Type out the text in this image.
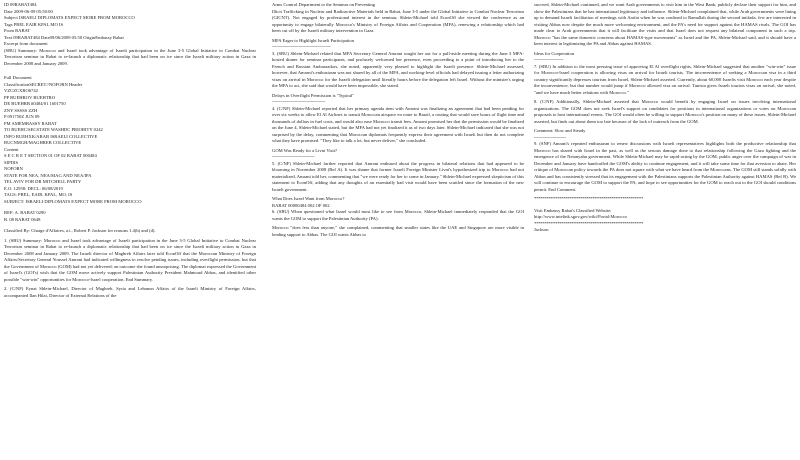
ID 09RABAT484
Date 2009-06-09 05:50:00
Subject ISRAELI DIPLOMATS EXPECT MORE FROM MOROCCO
Tags PREL EAIR KPAL MO IS
From RABAT
Text 09RABAT484 Date09/06/2009 05:50 OriginEmbassy Rabat
Excerpt from document
(SBU) Summary: Morocco and Israel took advantage of Israeli participation in the June 3-5 Global Initiative to Combat Nuclear Terrorism seminar in Rabat to re-launch a diplomatic relationship that had been on ice since the Israeli military action in Gaza in December 2008 and January 2009.
Full Document
ClassificationSECRET//NOFORN Header
VZCZCXRO6742
PP RUEHROV RUEHTRO
DE RUEHRB #0484/01 1601750
ZNY SSSSS ZZH
P 091750Z JUN 09
FM AMEMBASSY RABAT
TO RUEHC/SECSTATE WASHDC PRIORITY 0242
INFO RUEHXK/ARAB ISRAELI COLLECTIVE
RUCNMGH/MAGHREB COLLECTIVE
Content
S E C R E T SECTION 01 OF 02 RABAT 000484
SIPDIS
NOFORN
STATE FOR NEA, NEA/MAG AND NEA/IPA
TEL AVIV FOR DR MITCHELL PARTY
E.O. 12958: DECL: 06/08/2019
TAGS: PREL, EAIR, KPAL, MO, IS
SUBJECT: ISRAELI DIPLOMATS EXPECT MORE FROM MOROCCO
REF: A. RABAT 0290
B. 08 RABAT 0648
Classified By: Charge d'Affaires, a.i., Robert P. Jackson for reasons 1.4(b) and (d).
1. (SBU) Summary: Morocco and Israel took advantage of Israeli participation in the June 3-5 Global Initiative to Combat Nuclear Terrorism seminar in Rabat to re-launch a diplomatic relationship that had been on ice since the Israeli military action in Gaza in December 2008 and January 2009. The Israeli director of Maghreb Affairs later told EconOff that the Moroccan Ministry of Foreign Affairs/Secretary General Youssef Amrani had indicated willingness to resolve pending issues, including overflight permission, but that the Government of Morocco (GOM) had not yet delivered; an outcome she found unsurprising. The diplomat expressed the Government of Israel's (GOI's) wish that the GOM move actively support Palestinian Authority President Mahmoud Abbas, and identified other possible "win-win" opportunities for Morocco-Israel cooperation. End Summary.
2. (C/NF) Eynat Shlein-Michael, Director of Maghreb, Syria and Lebanon Affairs of the Israeli Ministry of Foreign Affairs, accompanied Ilan Hilai, Director of External Relations of the
Arms Control Department to the Seminar on Preventing
Illicit Trafficking in Nuclear and Radioactive Materials held in Rabat, June 3-5 under the Global Initiative to Combat Nuclear Terrorism (GICNT). Not engaged by professional interest in the seminar, Shlein-Michael told EconOff she viewed the conference as an opportunity to engage bilaterally Morocco's Ministry of Foreign Affairs and Cooperation (MFA), renewing a relationship which had been cut off by the Israeli military intervention in Gaza.
MFA Eager to Highlight Israeli Participation
--------------------------------------------
3. (SBU) Shlein-Michael related that MFA Secretary General Amrani sought her out for a pull-aside meeting during the June 3 MFA-hosted dinner for seminar participants, and profusely welcomed her presence, even proceeding to a point of introducing her to the French and Russian Ambassadors, she noted, apparently very pleased to highlight the Israeli presence. Shlein-Michael assessed, however, that Amrani's enthusiasm was not shared by all of the MFA, and working-level officials had delayed issuing a letter authorizing visas on arrival in Morocco for the Israeli delegation until literally hours before the delegation left Israel. Without the minister's urging the MFA to act, she said that would have been impossible, she stated.
Delays in Overflight Permission is "Typical"
----------------------------------------
4. (C/NF) Shlein-Michael reported that her primary agenda item with Amrani was finalizing an agreement that had been pending for over six weeks to allow El Al Airlines to transit Moroccan airspace en route to Brazil, a routing that would save hours of flight time and thousands of dollars in fuel costs, and would also ease Morocco transit fees. Amrani promised her that the permission would be finalized on the June 4, Shlein-Michael stated, but the MFA had not yet finalized it as of two days later. Shlein-Michael indicated that she was not surprised by the delay, commenting that Moroccan diplomats frequently express their agreement with Israeli but then do not complete what they have promised. "They like to talk a lot, but never deliver," she concluded.
GOM Was Ready for a Livni Visit?
--------------------------------
5. (C/NF) Shlein-Michael further reported that Amrani enthused about the progress in bilateral relations that had appeared to be blooming in November 2008 (Ref A). It was shame that former Israeli Foreign Minister Livni's hypothesized trip to Morocco had not materialized, Amrani told her, commenting that "we were ready for her to come in January." Shlein-Michael expressed skepticism of this statement to EconOff, adding that any thoughts of an essentially bad visit would have been scuttled since the formation of the new Israeli government.
What Does Israel Want from Morocco?
RABAT 00000484 002 OF 002
6. (SBU) When questioned what Israel would most like to see from Morocco, Shlein-Michael immediately responded that the GOI wants the GOM to support the Palestinian Authority (PA).
Morocco "does less than anyone," she complained, commenting that smaller states like the UAE and Singapore are more visible in lending support to Abbas. The GOI wants Abbas to
succeed, Shlein-Michael continued, and we want Arab governments to visit him in the West Bank, publicly declare their support for him, and show the Palestinians that he has international legitimacy and influence. Shlein-Michael complained that, while Arab governments were lining up to demand Israeli facilitation of meetings with Arafat when he was confined to Ramallah during the second intifada, few are interested in visiting Abbas now despite the much more welcoming environment, and the PA's need for support against the HAMAS rivals. The GOI has made clear to Arab governments that it will facilitate the visits and that Israel does not request any bilateral component in such a trip. Morocco "has the same domestic concerns about HAMAS-type movements" as Israel and the PA, Shlein-Michael said, and it should have a keen interest in legitimizing the PA and Abbas against HAMAS.
Ideas for Cooperation
----------------------
7. (SBU) In addition to the most pressing issue of approving El Al overflight rights, Shlein-Michael suggested that another "win-win" issue for Morocco-Israel cooperation is allowing visas on arrival for Israeli tourists. The inconvenience of seeking a Moroccan visa in a third country significantly depresses tourism from Israel, Shlein-Michael asserted. Currently, about 60,000 Israelis visit Morocco each year despite the inconvenience, but that number would jump if Morocco allowed visa on arrival. Tunisia gives Israeli tourists visas on arrival, she noted, "and we have much better relations with Morocco."
8. (C/NF) Additionally, Shlein-Michael asserted that Morocco would benefit by engaging Israel on issues involving international organizations. The GOM does not seek Israel's support on candidates for positions in international organizations or votes on Moroccan proposals to host international events. The GOI would often be willing to support Morocco's position on many of these issues, Shlein-Michael asserted, but finds out about them too late because of the lack of outreach from the GOM.
Comment: Slow and Steady
------------------------
9. (SNF) Amrani's repeated enthusiasm to renew discussions with Israeli representatives highlights both the productive relationship that Morocco has shared with Israel in the past, as well as the serious damage done to that relationship following the Gaza fighting and the emergence of the Netanyahu government. While Shlein-Michael may be rapid-acting by the GOM, public anger over the campaign of war in December and January have handcuffed the GOM's ability to continue engagement, and it will take some time for that aversion to abate. Her critique of Moroccan policy towards the PA does not square with what we have heard from the Moroccans. The GOM still stands solidly with Abbas and has consistently stressed that its engagement with the Palestinians supports the Palestinian Authority against HAMAS (Ref B). We will continue to encourage the GOM to support the PA, and hope to see opportunities for the GOM to reach out to the GOI should conditions permit. End Comment.
****************************************************
Visit Embassy Rabat's Classified Website;
http://www.intelink.sgov.gov/wiki/Portal:Morocco
****************************************************
Jackson
